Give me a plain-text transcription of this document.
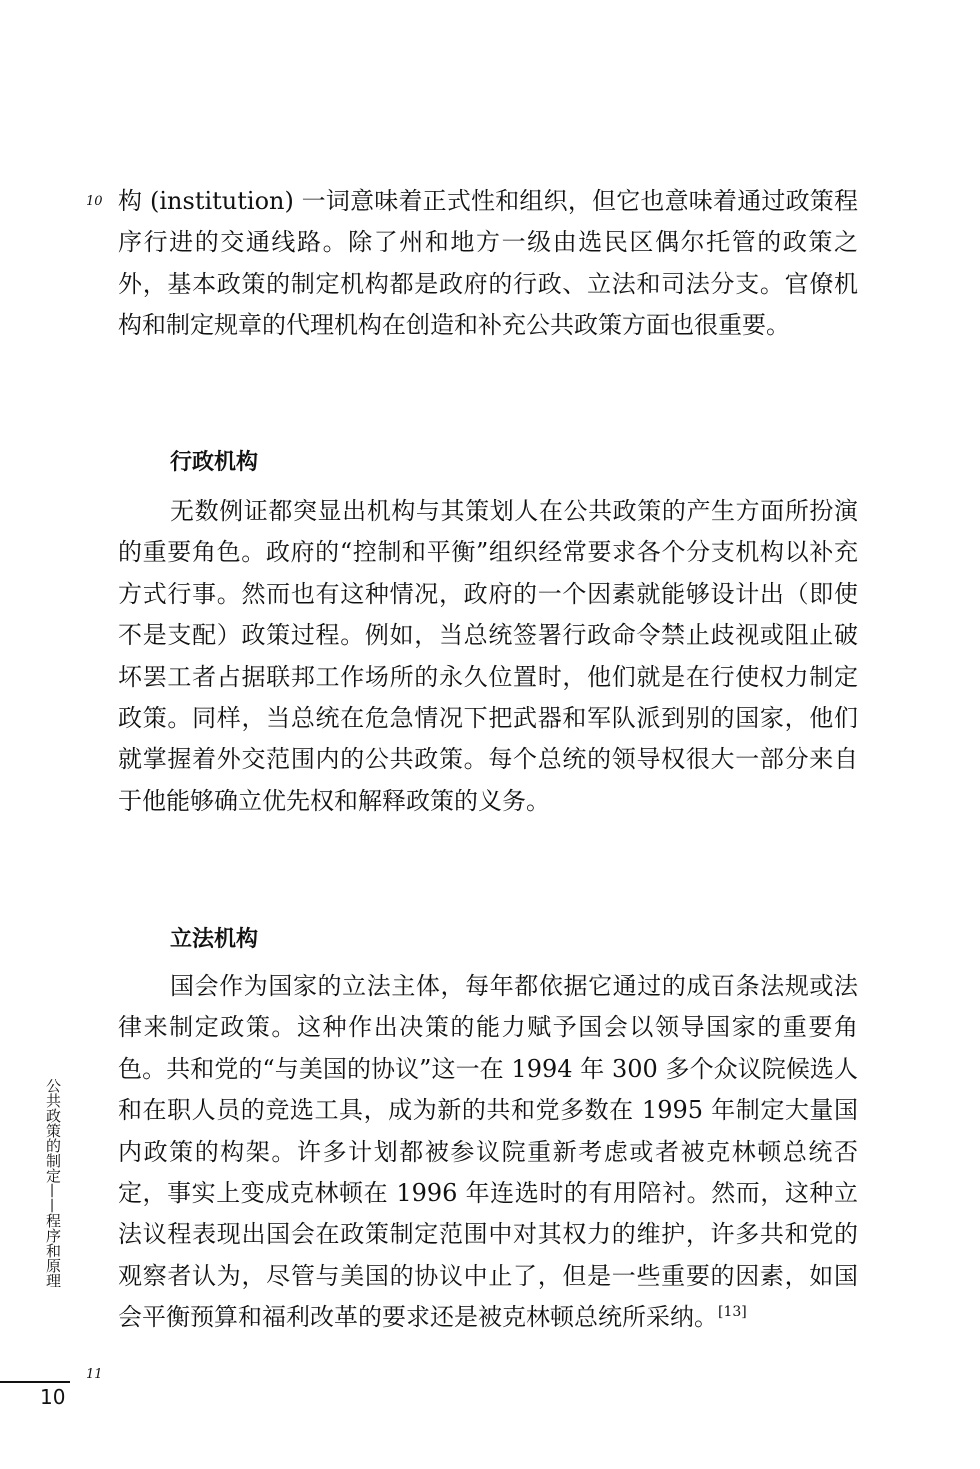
10 构 (institution) 一词意味着正式性和组织，但它也意味着通过政策程序行进的交通线路。除了州和地方一级由选民区偶尔托管的政策之外，基本政策的制定机构都是政府的行政、立法和司法分支。官僚机构和制定规章的代理机构在创造和补充公共政策方面也很重要。

行政机构

无数例证都突显出机构与其策划人在公共政策的产生方面所扮演的重要角色。政府的“控制和平衡”组织经常要求各个分支机构以补充方式行事。然而也有这种情况，政府的一个因素就能够设计出（即使不是支配）政策过程。例如，当总统签署行政命令禁止歧视或阻止破坏罢工者占据联邦工作场所的永久位置时，他们就是在行使权力制定政策。同样，当总统在危急情况下把武器和军队派到别的国家，他们就掌握着外交范围内的公共政策。每个总统的领导权很大一部分来自于他能够确立优先权和解释政策的义务。

立法机构

国会作为国家的立法主体，每年都依据它通过的成百条法规或法律来制定政策。这种作出决策的能力赋予国会以领导国家的重要角色。共和党的“与美国的协议”这一在 1994 年 300 多个众议院候选人和在职人员的竞选工具，成为新的共和党多数在 1995 年制定大量国内政策的构架。许多计划都被参议院重新考虑或者被克林顿总统否定，事实上变成克林顿在 1996 年连选时的有用陪衬。然而，这种立法议程表现出国会在政策制定范围中对其权力的维护，许多共和党的观察者认为，尽管与美国的协议中止了，但是一些重要的因素，如国会平衡预算和福利改革的要求还是被克林顿总统所采纳。[13]

11
公共政策的制定——程序和原理
10
